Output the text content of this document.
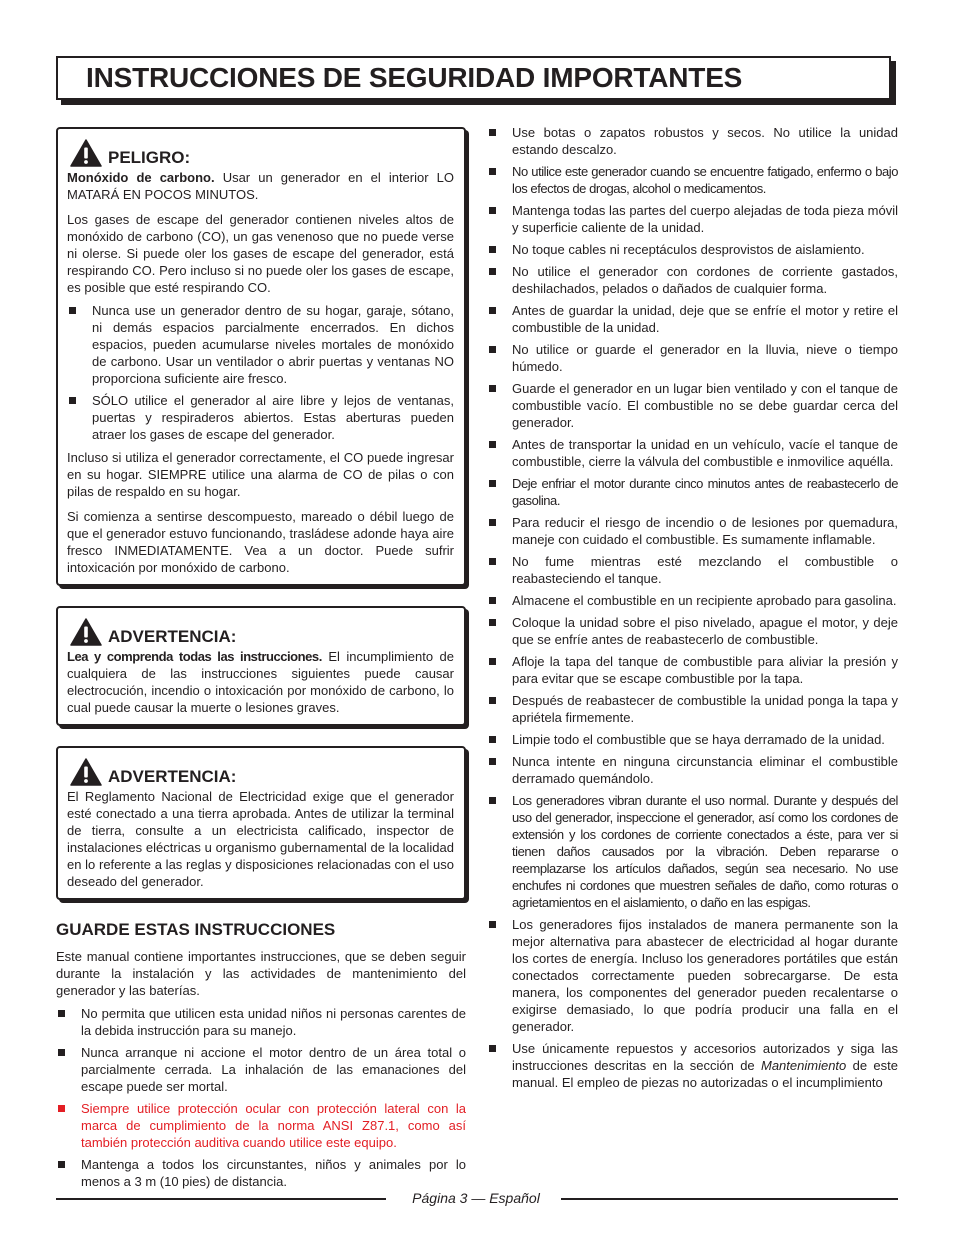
INSTRUCCIONES DE SEGURIDAD IMPORTANTES
PELIGRO:

Monóxido de carbono. Usar un generador en el interior LO MATARÁ EN POCOS MINUTOS.

Los gases de escape del generador contienen niveles altos de monóxido de carbono (CO), un gas venenoso que no puede verse ni olerse. Si puede oler los gases de escape del generador, está respirando CO. Pero incluso si no puede oler los gases de escape, es posible que esté respirando CO.

Nunca use un generador dentro de su hogar, garaje, sótano, ni demás espacios parcialmente encerrados. En dichos espacios, pueden acumularse niveles mortales de monóxido de carbono. Usar un ventilador o abrir puertas y ventanas NO proporciona suficiente aire fresco.
SÓLO utilice el generador al aire libre y lejos de ventanas, puertas y respiraderos abiertos. Estas aberturas pueden atraer los gases de escape del generador.

Incluso si utiliza el generador correctamente, el CO puede ingresar en su hogar. SIEMPRE utilice una alarma de CO de pilas o con pilas de respaldo en su hogar.

Si comienza a sentirse descompuesto, mareado o débil luego de que el generador estuvo funcionando, trasládese adonde haya aire fresco INMEDIATAMENTE. Vea a un doctor. Puede sufrir intoxicación por monóxido de carbono.

ADVERTENCIA:

Lea y comprenda todas las instrucciones. El incumplimiento de cualquiera de las instrucciones siguientes puede causar electrocución, incendio o intoxicación por monóxido de carbono, lo cual puede causar la muerte o lesiones graves.

ADVERTENCIA:

El Reglamento Nacional de Electricidad exige que el generador esté conectado a una tierra aprobada. Antes de utilizar la terminal de tierra, consulte a un electricista calificado, inspector de instalaciones eléctricas u organismo gubernamental de la localidad en lo referente a las reglas y disposiciones relacionadas con el uso deseado del generador.

GUARDE ESTAS INSTRUCCIONES

Este manual contiene importantes instrucciones, que se deben seguir durante la instalación y las actividades de mantenimiento del generador y las baterías.

No permita que utilicen esta unidad niños ni personas carentes de la debida instrucción para su manejo.
Nunca arranque ni accione el motor dentro de un área total o parcialmente cerrada. La inhalación de las emanaciones del escape puede ser mortal.
Siempre utilice protección ocular con protección lateral con la marca de cumplimiento de la norma ANSI Z87.1, como así también protección auditiva cuando utilice este equipo.
Mantenga a todos los circunstantes, niños y animales por lo menos a 3 m (10 pies) de distancia.
Use botas o zapatos robustos y secos. No utilice la unidad estando descalzo.
No utilice este generador cuando se encuentre fatigado, enfermo o bajo los efectos de drogas, alcohol o medicamentos.
Mantenga todas las partes del cuerpo alejadas de toda pieza móvil y superficie caliente de la unidad.
No toque cables ni receptáculos desprovistos de aislamiento.
No utilice el generador con cordones de corriente gastados, deshilachados, pelados o dañados de cualquier forma.
Antes de guardar la unidad, deje que se enfríe el motor y retire el combustible de la unidad.
No utilice or guarde el generador en la lluvia, nieve o tiempo húmedo.
Guarde el generador en un lugar bien ventilado y con el tanque de combustible vacío. El combustible no se debe guardar cerca del generador.
Antes de transportar la unidad en un vehículo, vacíe el tanque de combustible, cierre la válvula del combustible e inmovilice aquélla.
Deje enfriar el motor durante cinco minutos antes de reabastecerlo de gasolina.
Para reducir el riesgo de incendio o de lesiones por quemadura, maneje con cuidado el combustible. Es sumamente inflamable.
No fume mientras esté mezclando el combustible o reabasteciendo el tanque.
Almacene el combustible en un recipiente aprobado para gasolina.
Coloque la unidad sobre el piso nivelado, apague el motor, y deje que se enfríe antes de reabastecerlo de combustible.
Afloje la tapa del tanque de combustible para aliviar la presión y para evitar que se escape combustible por la tapa.
Después de reabastecer de combustible la unidad ponga la tapa y apriétela firmemente.
Limpie todo el combustible que se haya derramado de la unidad.
Nunca intente en ninguna circunstancia eliminar el combustible derramado quemándolo.
Los generadores vibran durante el uso normal. Durante y después del uso del generador, inspeccione el generador, así como los cordones de extensión y los cordones de corriente conectados a éste, para ver si tienen daños causados por la vibración. Deben repararse o reemplazarse los artículos dañados, según sea necesario. No use enchufes ni cordones que muestren señales de daño, como roturas o agrietamientos en el aislamiento, o daño en las espigas.
Los generadores fijos instalados de manera permanente son la mejor alternativa para abastecer de electricidad al hogar durante los cortes de energía. Incluso los generadores portátiles que están conectados correctamente pueden sobrecargarse. De esta manera, los componentes del generador pueden recalentarse o exigirse demasiado, lo que podría producir una falla en el generador.
Use únicamente repuestos y accesorios autorizados y siga las instrucciones descritas en la sección de Mantenimiento de este manual. El empleo de piezas no autorizadas o el incumplimiento
Página 3 — Español
